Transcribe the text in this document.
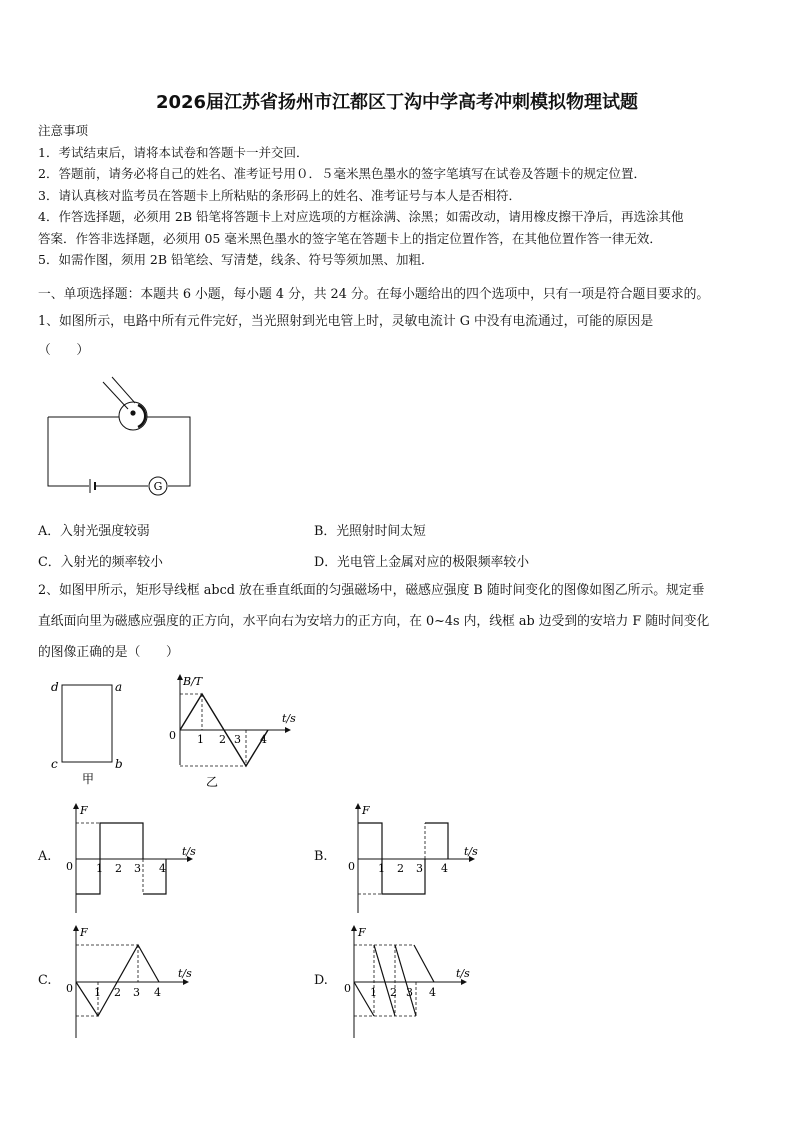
2026届江苏省扬州市江都区丁沟中学高考冲刺模拟物理试题
注意事项
1．考试结束后，请将本试卷和答题卡一并交回．
2．答题前，请务必将自己的姓名、准考证号用０．５毫米黑色墨水的签字笔填写在试卷及答题卡的规定位置．
3．请认真核对监考员在答题卡上所粘贴的条形码上的姓名、准考证号与本人是否相符．
4．作答选择题，必须用 2B 铅笔将答题卡上对应选项的方框涂满、涂黑；如需改动，请用橡皮擦干净后，再选涂其他
答案．作答非选择题，必须用 05 毫米黑色墨水的签字笔在答题卡上的指定位置作答，在其他位置作答一律无效．
5．如需作图，须用 2B 铅笔绘、写清楚，线条、符号等须加黑、加粗．
一、单项选择题：本题共 6 小题，每小题 4 分，共 24 分。在每小题给出的四个选项中，只有一项是符合题目要求的。
1、如图所示，电路中所有元件完好，当光照射到光电管上时，灵敏电流计 G 中没有电流通过，可能的原因是
（　　）
G
A．入射光强度较弱	B．光照射时间太短
C．入射光的频率较小	D．光电管上金属对应的极限频率较小
2、如图甲所示，矩形导线框 abcd 放在垂直纸面的匀强磁场中，磁感应强度 B 随时间变化的图像如图乙所示。规定垂
直纸面向里为磁感应强度的正方向，水平向右为安培力的正方向，在 0~4s 内，线框 ab 边受到的安培力 F 随时间变化
的图像正确的是（　　）
d	a
c	b
甲
B/T
t/s
0 1 2 3 4
乙
A.
F
t/s
0 1 2 3 4
B.
F
t/s
0 1 2 3 4
C.
F
t/s
0 1 2 3 4
D.
F
t/s
0 1 2 3 4
